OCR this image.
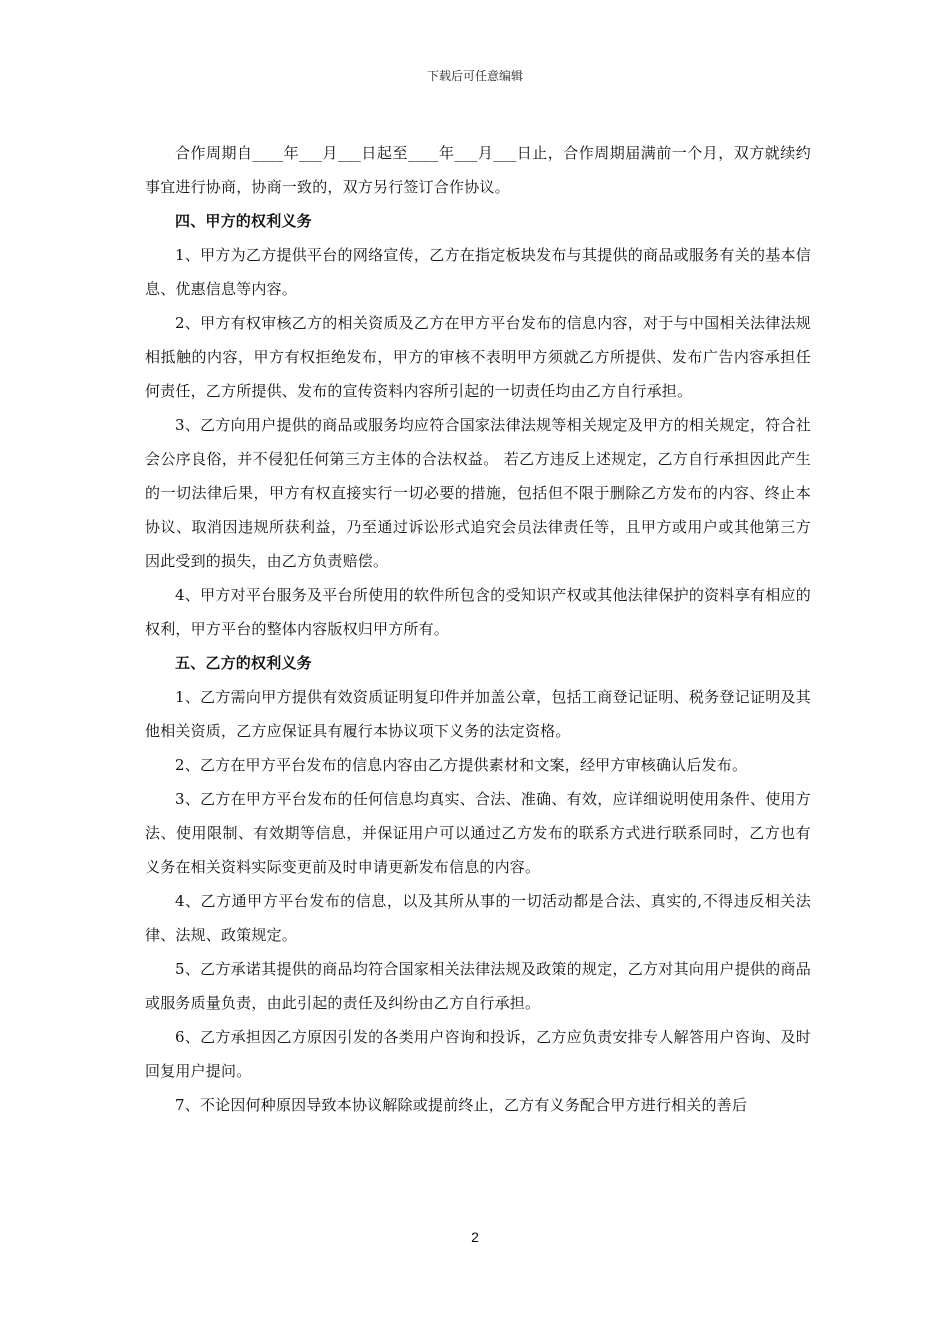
下载后可任意编辑

合作周期自____年___月___日起至____年___月___日止，合作周期届满前一个月，双方就续约事宜进行协商，协商一致的，双方另行签订合作协议。

四、甲方的权利义务

1、甲方为乙方提供平台的网络宣传，乙方在指定板块发布与其提供的商品或服务有关的基本信息、优惠信息等内容。

2、甲方有权审核乙方的相关资质及乙方在甲方平台发布的信息内容，对于与中国相关法律法规相抵触的内容，甲方有权拒绝发布，甲方的审核不表明甲方须就乙方所提供、发布广告内容承担任何责任，乙方所提供、发布的宣传资料内容所引起的一切责任均由乙方自行承担。

3、乙方向用户提供的商品或服务均应符合国家法律法规等相关规定及甲方的相关规定，符合社会公序良俗，并不侵犯任何第三方主体的合法权益。 若乙方违反上述规定，乙方自行承担因此产生的一切法律后果，甲方有权直接实行一切必要的措施，包括但不限于删除乙方发布的内容、终止本协议、取消因违规所获利益，乃至通过诉讼形式追究会员法律责任等，且甲方或用户或其他第三方因此受到的损失，由乙方负责赔偿。

4、甲方对平台服务及平台所使用的软件所包含的受知识产权或其他法律保护的资料享有相应的权利，甲方平台的整体内容版权归甲方所有。

五、乙方的权利义务

1、乙方需向甲方提供有效资质证明复印件并加盖公章，包括工商登记证明、税务登记证明及其他相关资质，乙方应保证具有履行本协议项下义务的法定资格。

2、乙方在甲方平台发布的信息内容由乙方提供素材和文案，经甲方审核确认后发布。

3、乙方在甲方平台发布的任何信息均真实、合法、准确、有效，应详细说明使用条件、使用方法、使用限制、有效期等信息，并保证用户可以通过乙方发布的联系方式进行联系同时，乙方也有义务在相关资料实际变更前及时申请更新发布信息的内容。

4、乙方通甲方平台发布的信息，以及其所从事的一切活动都是合法、真实的,不得违反相关法律、法规、政策规定。

5、乙方承诺其提供的商品均符合国家相关法律法规及政策的规定，乙方对其向用户提供的商品或服务质量负责，由此引起的责任及纠纷由乙方自行承担。

6、乙方承担因乙方原因引发的各类用户咨询和投诉，乙方应负责安排专人解答用户咨询、及时回复用户提问。

7、不论因何种原因导致本协议解除或提前终止，乙方有义务配合甲方进行相关的善后

2
